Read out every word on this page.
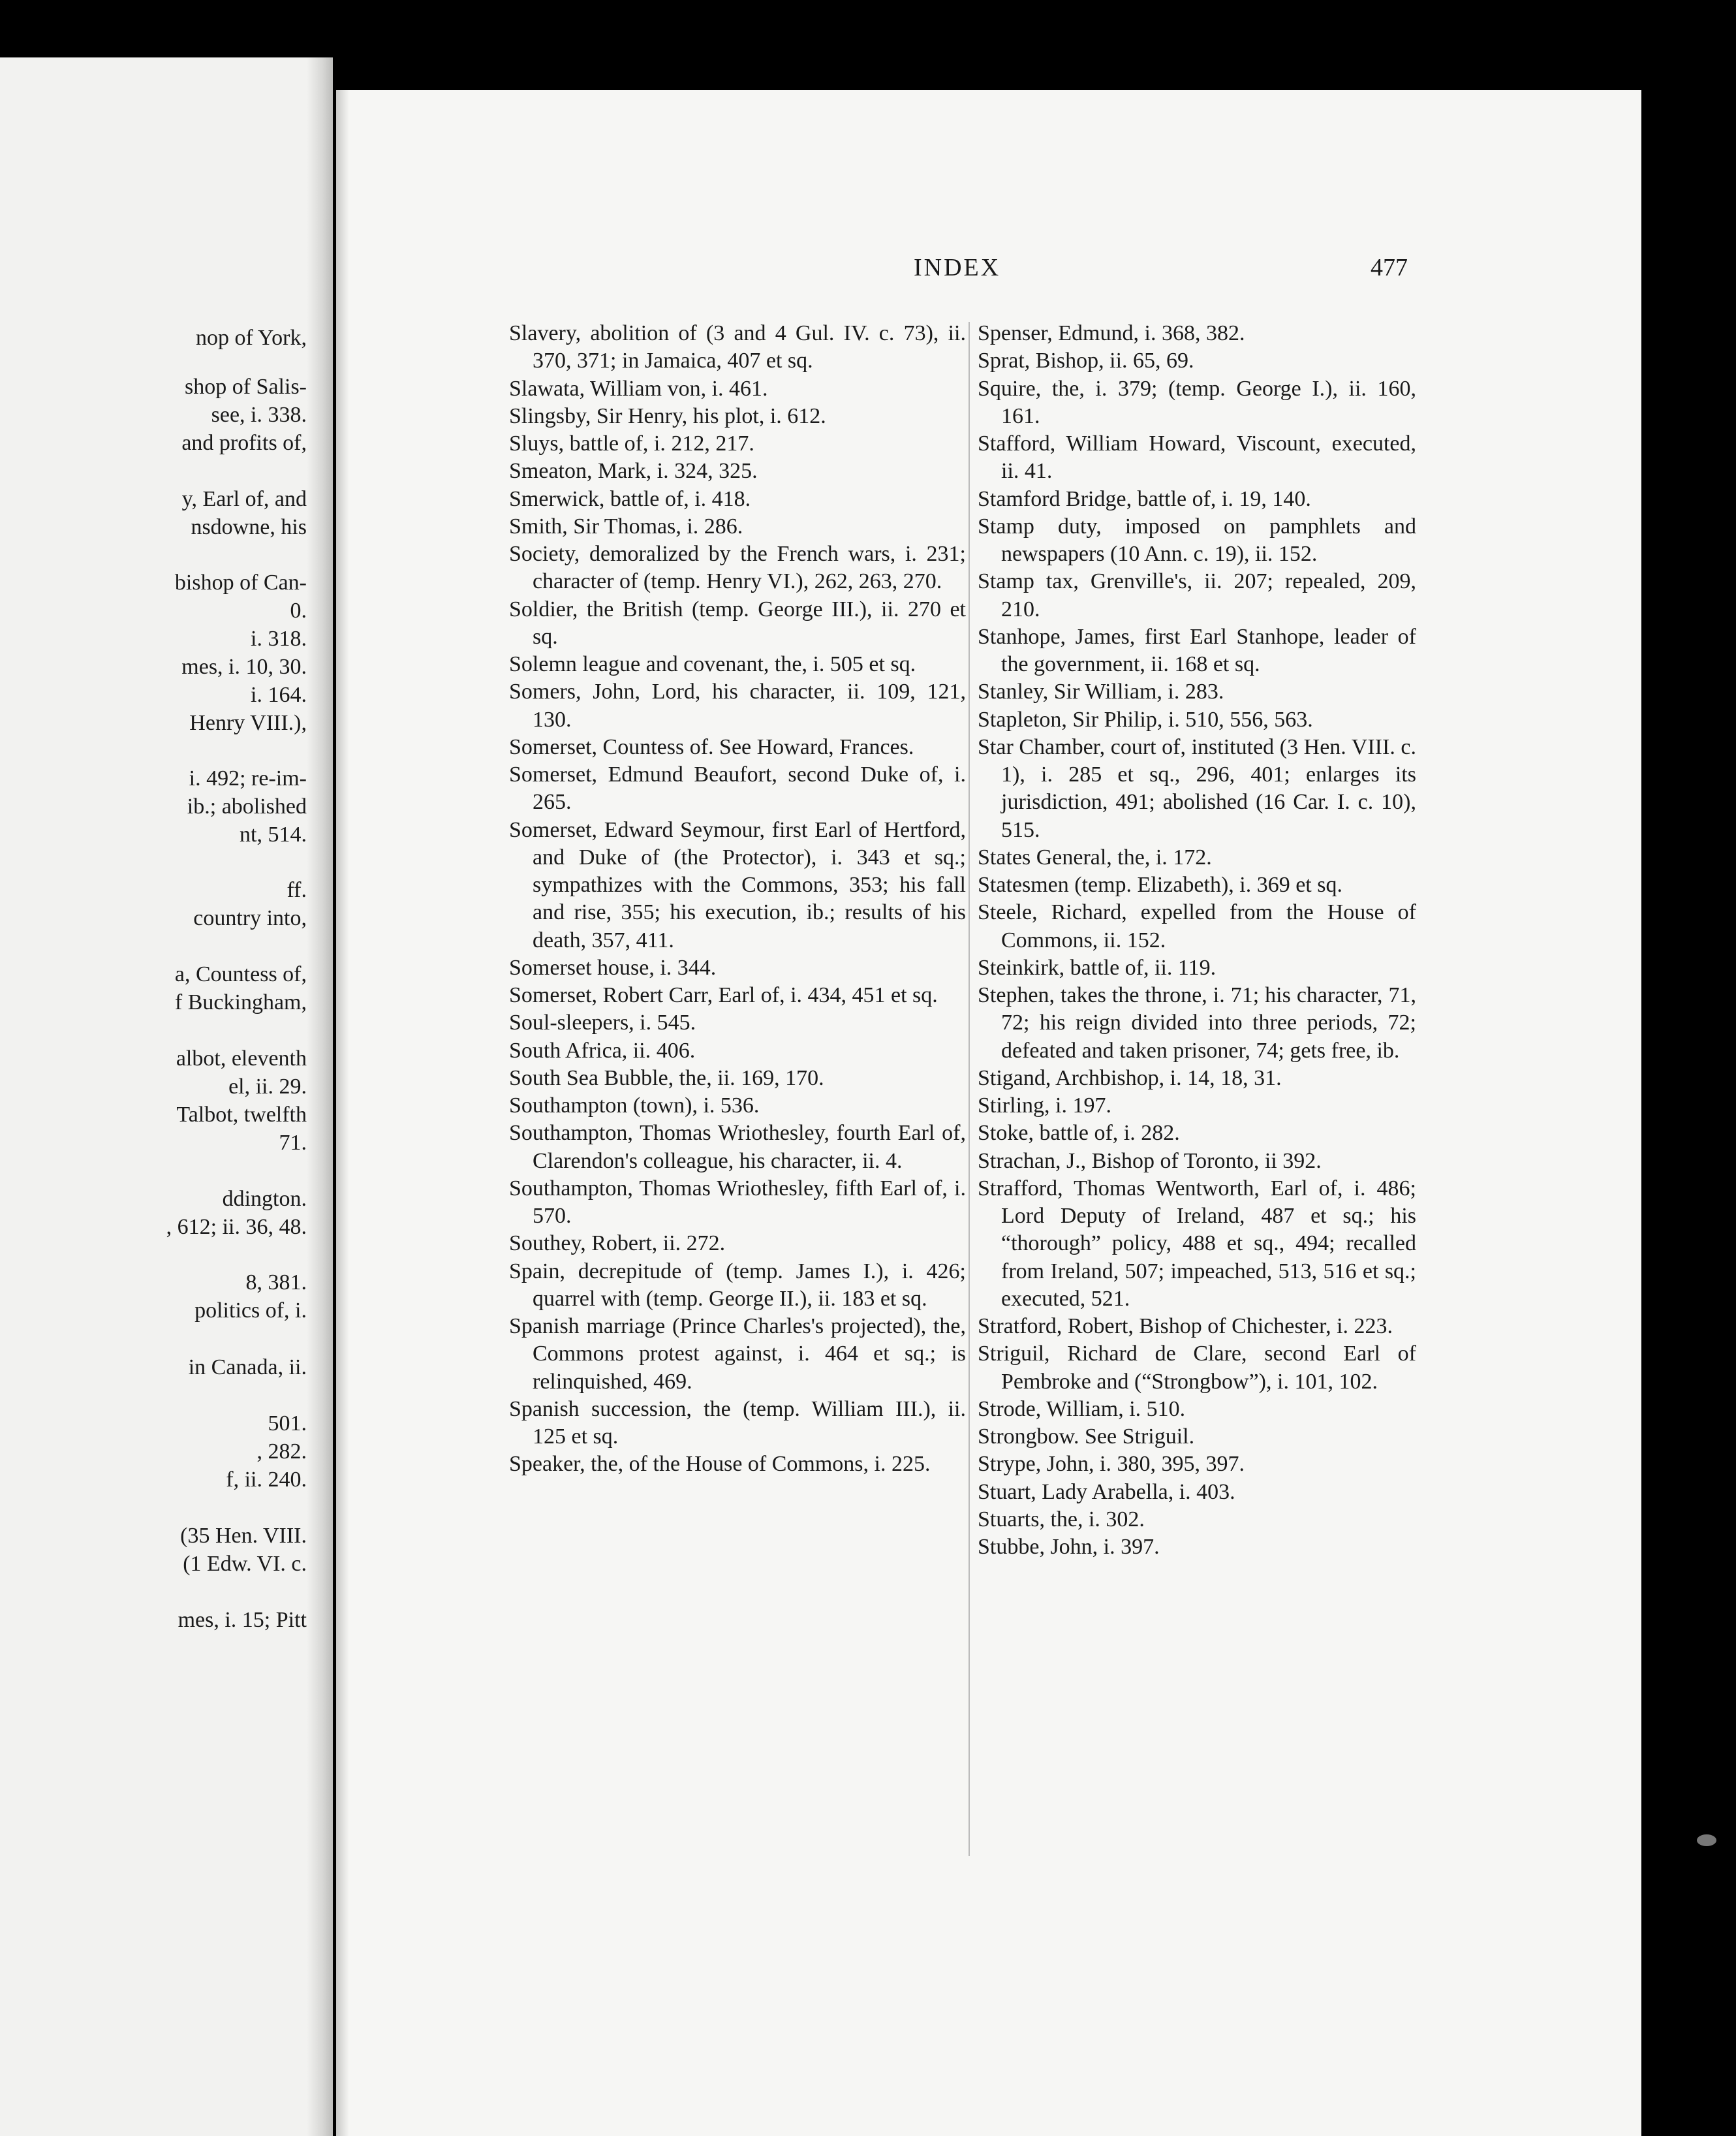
nop of York,
shop of Salis-
see, i. 338.
and profits of,
y, Earl of, and
nsdowne, his
bishop of Can-
0.
i. 318.
mes, i. 10, 30.
i. 164.
Henry VIII.),
i. 492; re-im-
ib.; abolished
nt, 514.
ff.
country into,
a, Countess of,
f Buckingham,
albot, eleventh
el, ii. 29.
Talbot, twelfth
71.
ddington.
, 612; ii. 36, 48.
8, 381.
politics of, i.
in Canada, ii.
501.
, 282.
f, ii. 240.
(35 Hen. VIII.
(1 Edw. VI. c.
mes, i. 15; Pitt
INDEX	477
Slavery, abolition of (3 and 4 Gul. IV. c. 73), ii. 370, 371; in Jamaica, 407 et sq.
Slawata, William von, i. 461.
Slingsby, Sir Henry, his plot, i. 612.
Sluys, battle of, i. 212, 217.
Smeaton, Mark, i. 324, 325.
Smerwick, battle of, i. 418.
Smith, Sir Thomas, i. 286.
Society, demoralized by the French wars, i. 231; character of (temp. Henry VI.), 262, 263, 270.
Soldier, the British (temp. George III.), ii. 270 et sq.
Solemn league and covenant, the, i. 505 et sq.
Somers, John, Lord, his character, ii. 109, 121, 130.
Somerset, Countess of. See Howard, Frances.
Somerset, Edmund Beaufort, second Duke of, i. 265.
Somerset, Edward Seymour, first Earl of Hertford, and Duke of (the Protector), i. 343 et sq.; sympathizes with the Commons, 353; his fall and rise, 355; his execution, ib.; results of his death, 357, 411.
Somerset house, i. 344.
Somerset, Robert Carr, Earl of, i. 434, 451 et sq.
Soul-sleepers, i. 545.
South Africa, ii. 406.
South Sea Bubble, the, ii. 169, 170.
Southampton (town), i. 536.
Southampton, Thomas Wriothesley, fourth Earl of, Clarendon's colleague, his character, ii. 4.
Southampton, Thomas Wriothesley, fifth Earl of, i. 570.
Southey, Robert, ii. 272.
Spain, decrepitude of (temp. James I.), i. 426; quarrel with (temp. George II.), ii. 183 et sq.
Spanish marriage (Prince Charles's projected), the, Commons protest against, i. 464 et sq.; is relinquished, 469.
Spanish succession, the (temp. William III.), ii. 125 et sq.
Speaker, the, of the House of Commons, i. 225.
Spenser, Edmund, i. 368, 382.
Sprat, Bishop, ii. 65, 69.
Squire, the, i. 379; (temp. George I.), ii. 160, 161.
Stafford, William Howard, Viscount, executed, ii. 41.
Stamford Bridge, battle of, i. 19, 140.
Stamp duty, imposed on pamphlets and newspapers (10 Ann. c. 19), ii. 152.
Stamp tax, Grenville's, ii. 207; repealed, 209, 210.
Stanhope, James, first Earl Stanhope, leader of the government, ii. 168 et sq.
Stanley, Sir William, i. 283.
Stapleton, Sir Philip, i. 510, 556, 563.
Star Chamber, court of, instituted (3 Hen. VIII. c. 1), i. 285 et sq., 296, 401; enlarges its jurisdiction, 491; abolished (16 Car. I. c. 10), 515.
States General, the, i. 172.
Statesmen (temp. Elizabeth), i. 369 et sq.
Steele, Richard, expelled from the House of Commons, ii. 152.
Steinkirk, battle of, ii. 119.
Stephen, takes the throne, i. 71; his character, 71, 72; his reign divided into three periods, 72; defeated and taken prisoner, 74; gets free, ib.
Stigand, Archbishop, i. 14, 18, 31.
Stirling, i. 197.
Stoke, battle of, i. 282.
Strachan, J., Bishop of Toronto, ii 392.
Strafford, Thomas Wentworth, Earl of, i. 486; Lord Deputy of Ireland, 487 et sq.; his “thorough” policy, 488 et sq., 494; recalled from Ireland, 507; impeached, 513, 516 et sq.; executed, 521.
Stratford, Robert, Bishop of Chichester, i. 223.
Striguil, Richard de Clare, second Earl of Pembroke and (“Strongbow”), i. 101, 102.
Strode, William, i. 510.
Strongbow. See Striguil.
Strype, John, i. 380, 395, 397.
Stuart, Lady Arabella, i. 403.
Stuarts, the, i. 302.
Stubbe, John, i. 397.
